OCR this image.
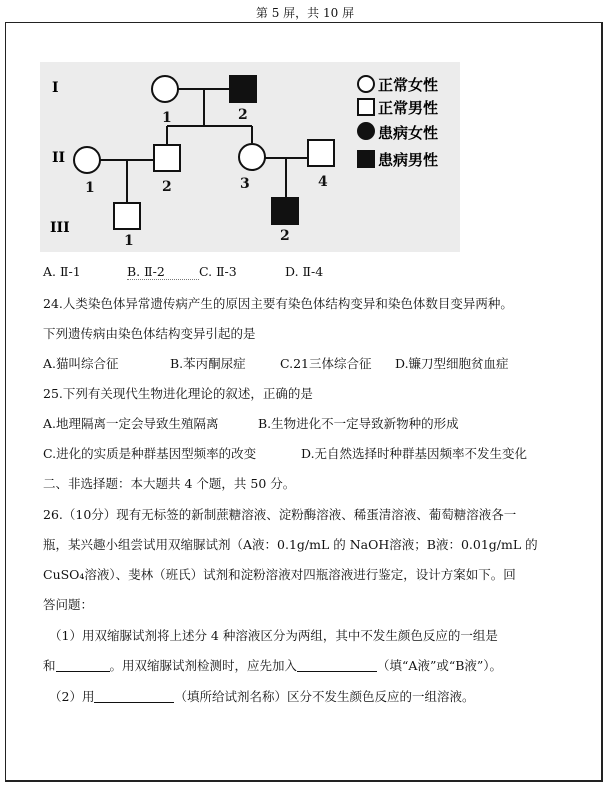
第 5 屏，共 10 屏
I
II
III
1	2
1	2	3	4
1	2
正常女性
正常男性
患病女性
患病男性
A. Ⅱ-1	B. Ⅱ-2	C. Ⅱ-3	D. Ⅱ-4
24.人类染色体异常遗传病产生的原因主要有染色体结构变异和染色体数目变异两种。
下列遗传病由染色体结构变异引起的是
A.猫叫综合征	B.苯丙酮尿症	C.21三体综合征 D.镰刀型细胞贫血症
25.下列有关现代生物进化理论的叙述，正确的是
A.地理隔离一定会导致生殖隔离	B.生物进化不一定导致新物种的形成
C.进化的实质是种群基因型频率的改变	D.无自然选择时种群基因频率不发生变化
二、非选择题：本大题共 4 个题，共 50 分。
26.（10分）现有无标签的新制蔗糖溶液、淀粉酶溶液、稀蛋清溶液、葡萄糖溶液各一
瓶，某兴趣小组尝试用双缩脲试剂（A液：0.1g/mL 的 NaOH溶液；B液：0.01g/mL 的
CuSO₄溶液）、斐林（班氏）试剂和淀粉溶液对四瓶溶液进行鉴定，设计方案如下。回
答问题：
（1）用双缩脲试剂将上述分 4 种溶液区分为两组，其中不发生颜色反应的一组是
和	。用双缩脲试剂检测时，应先加入	（填“A液”或“B液”）。
（2）用	（填所给试剂名称）区分不发生颜色反应的一组溶液。
